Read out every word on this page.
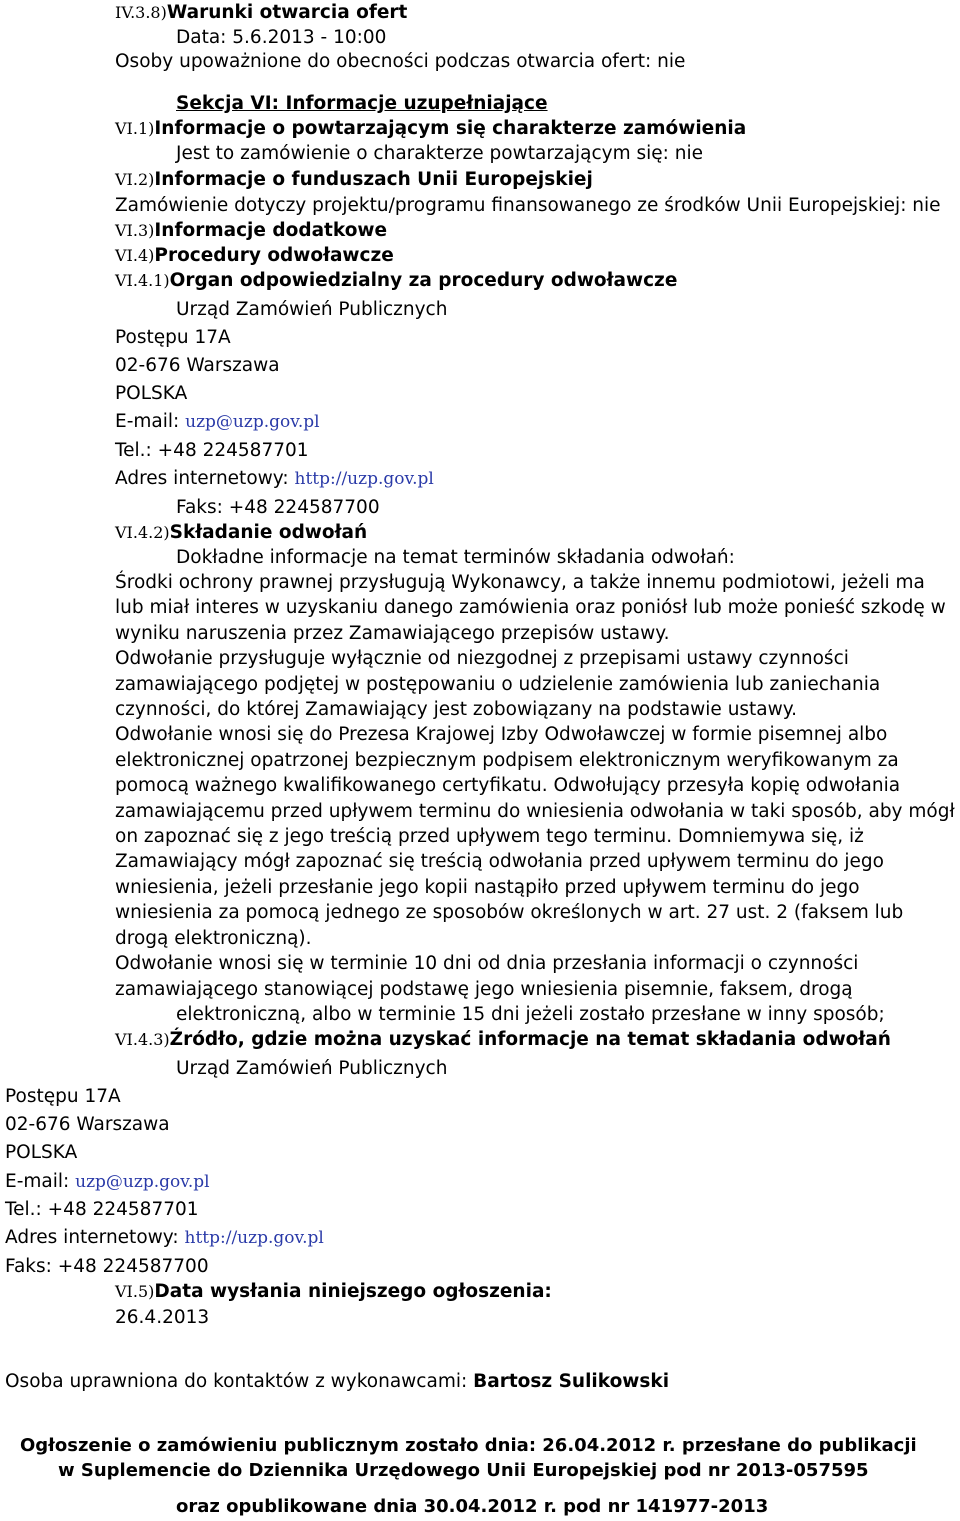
IV.3.8)Warunki otwarcia ofert
Data: 5.6.2013 - 10:00
Osoby upoważnione do obecności podczas otwarcia ofert: nie
Sekcja VI: Informacje uzupełniające
VI.1)Informacje o powtarzającym się charakterze zamówienia
Jest to zamówienie o charakterze powtarzającym się: nie
VI.2)Informacje o funduszach Unii Europejskiej
Zamówienie dotyczy projektu/programu finansowanego ze środków Unii Europejskiej: nie
VI.3)Informacje dodatkowe
VI.4)Procedury odwoławcze
VI.4.1)Organ odpowiedzialny za procedury odwoławcze
Urząd Zamówień Publicznych
Postępu 17A
02-676 Warszawa
POLSKA
E-mail: uzp@uzp.gov.pl
Tel.: +48 224587701
Adres internetowy: http://uzp.gov.pl
Faks: +48 224587700
VI.4.2)Składanie odwołań
Dokładne informacje na temat terminów składania odwołań:

Środki ochrony prawnej przysługują Wykonawcy, a także innemu podmiotowi, jeżeli ma

lub miał interes w uzyskaniu danego zamówienia oraz poniósł lub może ponieść szkodę w

wyniku naruszenia przez Zamawiającego przepisów ustawy.

Odwołanie przysługuje wyłącznie od niezgodnej z przepisami ustawy czynności

zamawiającego podjętej w postępowaniu o udzielenie zamówienia lub zaniechania

czynności, do której Zamawiający jest zobowiązany na podstawie ustawy.

Odwołanie wnosi się do Prezesa Krajowej Izby Odwoławczej w formie pisemnej albo

elektronicznej opatrzonej bezpiecznym podpisem elektronicznym weryfikowanym za

pomocą ważnego kwalifikowanego certyfikatu. Odwołujący przesyła kopię odwołania

zamawiającemu przed upływem terminu do wniesienia odwołania w taki sposób, aby mógł

on zapoznać się z jego treścią przed upływem tego terminu. Domniemywa się, iż

Zamawiający mógł zapoznać się treścią odwołania przed upływem terminu do jego

wniesienia, jeżeli przesłanie jego kopii nastąpiło przed upływem terminu do jego

wniesienia za pomocą jednego ze sposobów określonych w art. 27 ust. 2 (faksem lub

drogą elektroniczną).

Odwołanie wnosi się w terminie 10 dni od dnia przesłania informacji o czynności

zamawiającego stanowiącej podstawę jego wniesienia pisemnie, faksem, drogą

elektroniczną, albo w terminie 15 dni jeżeli zostało przesłane w inny sposób;
VI.4.3)Źródło, gdzie można uzyskać informacje na temat składania odwołań
Urząd Zamówień Publicznych
Postępu 17A
02-676 Warszawa
POLSKA
E-mail: uzp@uzp.gov.pl
Tel.: +48 224587701
Adres internetowy: http://uzp.gov.pl
Faks: +48 224587700
VI.5)Data wysłania niniejszego ogłoszenia:
26.4.2013
Osoba uprawniona do kontaktów z wykonawcami: Bartosz Sulikowski
Ogłoszenie o zamówieniu publicznym zostało dnia: 26.04.2012 r. przesłane do publikacji
w Suplemencie do Dziennika Urzędowego Unii Europejskiej pod nr 2013-057595
oraz opublikowane dnia 30.04.2012 r. pod nr 141977-2013
